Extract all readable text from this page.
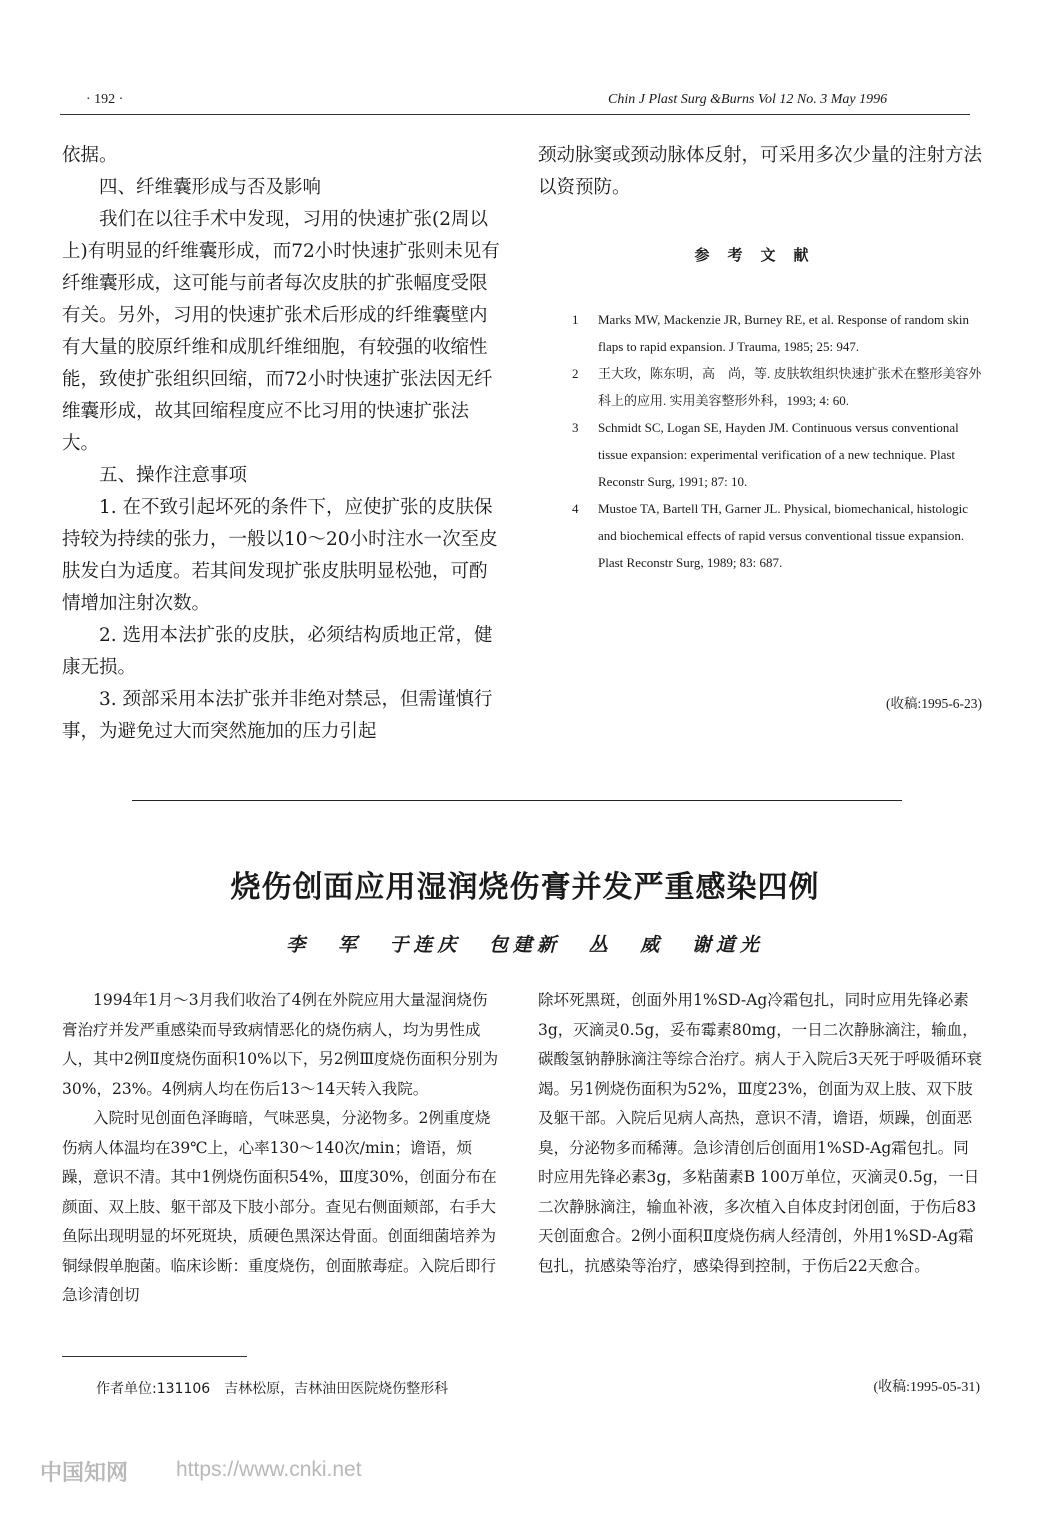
· 192 ·	Chin J Plast Surg &Burns Vol 12 No. 3 May 1996

依据。

四、纤维囊形成与否及影响

我们在以往手术中发现，习用的快速扩张(2周以上)有明显的纤维囊形成，而72小时快速扩张则未见有纤维囊形成，这可能与前者每次皮肤的扩张幅度受限有关。另外，习用的快速扩张术后形成的纤维囊壁内有大量的胶原纤维和成肌纤维细胞，有较强的收缩性能，致使扩张组织回缩，而72小时快速扩张法因无纤维囊形成，故其回缩程度应不比习用的快速扩张法大。

五、操作注意事项

1. 在不致引起坏死的条件下，应使扩张的皮肤保持较为持续的张力，一般以10～20小时注水一次至皮肤发白为适度。若其间发现扩张皮肤明显松弛，可酌情增加注射次数。

2. 选用本法扩张的皮肤，必须结构质地正常，健康无损。

3. 颈部采用本法扩张并非绝对禁忌，但需谨慎行事，为避免过大而突然施加的压力引起

颈动脉窦或颈动脉体反射，可采用多次少量的注射方法以资预防。

参考文献
1 Marks MW, Mackenzie JR, Burney RE, et al. Response of random skin flaps to rapid expansion. J Trauma, 1985; 25: 947.
2 王大玫，陈东明，高　尚，等. 皮肤软组织快速扩张术在整形美容外科上的应用. 实用美容整形外科，1993; 4: 60.
3 Schmidt SC, Logan SE, Hayden JM. Continuous versus conventional tissue expansion: experimental verification of a new technique. Plast Reconstr Surg, 1991; 87: 10.
4 Mustoe TA, Bartell TH, Garner JL. Physical, biomechanical, histologic and biochemical effects of rapid versus conventional tissue expansion. Plast Reconstr Surg, 1989; 83: 687.
(收稿:1995-6-23)
烧伤创面应用湿润烧伤膏并发严重感染四例
李 军 于连庆 包建新 丛 威 谢道光

1994年1月～3月我们收治了4例在外院应用大量湿润烧伤膏治疗并发严重感染而导致病情恶化的烧伤病人，均为男性成人，其中2例Ⅱ度烧伤面积10%以下，另2例Ⅲ度烧伤面积分别为30%，23%。4例病人均在伤后13～14天转入我院。

入院时见创面色泽晦暗，气味恶臭，分泌物多。2例重度烧伤病人体温均在39℃上，心率130～140次/min；谵语，烦躁，意识不清。其中1例烧伤面积54%，Ⅲ度30%，创面分布在颜面、双上肢、躯干部及下肢小部分。查见右侧面颊部，右手大鱼际出现明显的坏死斑块，质硬色黑深达骨面。创面细菌培养为铜绿假单胞菌。临床诊断：重度烧伤，创面脓毒症。入院后即行急诊清创切

除坏死黑斑，创面外用1%SD-Ag冷霜包扎，同时应用先锋必素3g，灭滴灵0.5g，妥布霉素80mg，一日二次静脉滴注，输血，碳酸氢钠静脉滴注等综合治疗。病人于入院后3天死于呼吸循环衰竭。另1例烧伤面积为52%，Ⅲ度23%，创面为双上肢、双下肢及躯干部。入院后见病人高热，意识不清，谵语，烦躁，创面恶臭，分泌物多而稀薄。急诊清创后创面用1%SD-Ag霜包扎。同时应用先锋必素3g，多粘菌素B 100万单位，灭滴灵0.5g，一日二次静脉滴注，输血补液，多次植入自体皮封闭创面，于伤后83天创面愈合。2例小面积Ⅱ度烧伤病人经清创，外用1%SD-Ag霜包扎，抗感染等治疗，感染得到控制，于伤后22天愈合。

作者单位:131106　吉林松原，吉林油田医院烧伤整形科	(收稿:1995-05-31)
中国知网 https://www.cnki.net
